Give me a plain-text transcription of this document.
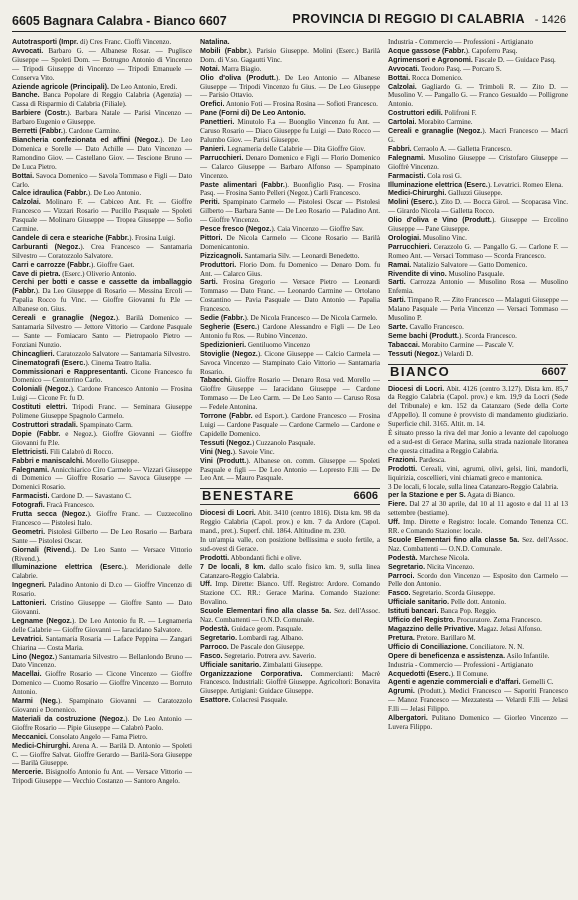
6605 Bagnara Calabra - Bianco 6607	PROVINCIA DI REGGIO DI CALABRIA - 1426

Autotrasporti (Impr. di) Cres Franc. Cioffi Vincenzo.

Avvocati. Barbaro G. — Albanese Rosar. — Puglisce Giuseppe — Spoleti Dom. — Botrugno Antonio di Vincenzo — Tripodi Giuseppe di Vincenzo — Tripodi Emanuele — Conserva Vito.

Aziende agricole (Principali). De Leo Antonio, Eredi.

Banche. Banca Popolare di Reggio Calabria (Agenzia) — Cassa di Risparmio di Calabria (Filiale).

Barbiere (Costr.). Barbara Natale — Parisi Vincenzo — Barbaro Eugenio e Giuseppe.

Berretti (Fabbr.). Cardone Carmine.

Biancheria confezionata ed affini (Negoz.). De Leo Domenica e Sorelle — Dato Achille — Dato Vincenzo — Ramondino Giov. — Castellano Giov. — Tescione Bruno — De Luca Pietro.

Bottai. Savoca Domenico — Savola Tommaso e Figli — Dato Carlo.

Calce idraulica (Fabbr.). De Leo Antonio.

Calzolai. Molinaro F. — Cabiceo Ant. Fr. — Gioffre Francesco — Vizzari Rosario — Pucillo Pasquale — Spoleti Pasquale — Molinaro Giuseppe — Tropea Giuseppe — Sofio Carmine.

Candele di cera e steariche (Fabbr.). Frosina Luigi.

Carburanti (Negoz.). Crea Francesco — Santamaria Silvestro — Coratozzolo Salvatore.

Carri e carrozze (Fabbr.). Gioffre Gaet.

Cave di pietra. (Eserc.) Oliverio Antonio.

Cerchi per botti e casse e cassette da imballaggio (Fabbr.). Da Leo Giuseppe di Rosario — Messina Ercoli — Papalia Rocco fu Vinc. — Gioffre Giovanni fu P.le — Albanese on. Gius.

Cereali e granaglie (Negoz.). Barilà Domenico — Santamaria Silvestro — Jettore Vittorio — Cardone Pasquale — Sante — Fomiacaro Santo — Pietropaolo Pietro — Fonziani Nunzio.

Chincaglieri. Caratozzolo Salvatore — Santamaria Silvestro.

Cinematografi (Eserc.). Cinema Teatro Italia.

Commissionari e Rappresentanti. Cicone Francesco fu Domenico — Centorrino Carlo.

Coloniali (Negoz.). Cardone Francesco Antonio — Frosina Luigi — Cicone Fr. fu D.

Costituti elettri. Tripodi Franc. — Seminara Giuseppe Polimene Giuseppe Spagnolo Carmelo.

Costruttori stradali. Spampinato Carm.

Dopie (Fabbr. e Negoz.). Gioffre Giovanni — Gioffre Giovanni fu P.le.

Elettricisti. Fili Calabrò di Rocco.

Fabbri e maniscalchi. Morello Giuseppe.

Falegnami. Annicchiarico Ciro Carmelo — Vizzari Giuseppe di Domenico — Gioffre Rosario — Savoca Giuseppe — Domenici Rosario.

Farmacisti. Cardone D. — Savastano C.

Fotografi. Fracà Francesco.

Frutta secca (Negoz.). Gioffre Franc. — Cuzzecolino Francesco — Pistolesi Italo.

Geometri. Pistolesi Gilberto — De Leo Rosario — Barbara Sante — Pistolesi Oscar.

Giornali (Rivend.). De Leo Santo — Versace Vittorio (Rivend.).

Illuminazione elettrica (Eserc.). Meridionale delle Calabrie.

Ingegneri. Paladino Antonio di D.co — Gioffre Vincenzo di Rosario.

Lattonieri. Cristino Giuseppe — Gioffre Santo — Dato Giovanni.

Legname (Negoz.). De Leo Antonio fu R. — Legnameria delle Calabrie — Gioffre Giovanni — Iaracidano Salvatore.

Levatrici. Santamaria Rosaria — Laface Peppina — Zangari Chiarina — Costa Maria.

Lino (Negoz.) Santamaria Silvestro — Bellanlondo Bruno — Dato Vincenzo.

Macellai. Gioffre Rosario — Cicone Vincenzo — Gioffre Domenico — Cuomo Rosario — Gioffre Vincenzo — Borruto Antonio.

Marmi (Neg.). Spampinato Giovanni — Caratozzolo Giovanni e Domenico.

Materiali da costruzione (Negoz.). De Leo Antonio — Gioffre Rosario — Pipie Giuseppe — Calabrò Paolo.

Meccanici. Consolato Angelo — Fama Pietro.

Medici-Chirurghi. Arena A. — Barilà D. Antonio — Spoleti C. — Gioffre Salvat. Gioffre Gerardo — Barilà-Sora Giuseppe — Barilà Giuseppe.

Mercerie. Bisignolfo Antonio fu Ant. — Versace Vittorio — Tripodi Giuseppe — Vecchio Costanzo — Santoro Angelo.

Natalina.

Mobili (Fabbr.). Parisio Giuseppe. Molini (Eserc.) Barilà Dom. di V.so. Gagautti Vinc.

Notai. Marra Biagio.

Olio d'oliva (Produtt.). De Leo Antonio — Albanese Giuseppe — Tripodi Vincenzo fu Gius. — De Leo Giuseppe — Parisio Ottavio.

Orefici. Antonio Foti — Frosina Rosina — Sofioti Francesco.

Pane (Forni di) De Leo Antonio.

Panettieri. Minutolo F.a — Buonglio Vincenzo fu Ant. — Caruso Rosario — Diaco Giuseppe fu Luigi — Dato Rocco — Palumbo Giov. — Parisi Giuseppe.

Panieri. Legnameria delle Calabrie — Dita Gioffre Giov.

Parrucchieri. Denaro Domenico e Figli — Florio Domenico — Calarco Giuseppe — Barbaro Alfonso — Spampinato Vincenzo.

Paste alimentari (Fabbr.). Buonfiglio Pasq. — Frosina Pasq. — Frosina Santo Pelleri (Negoz.) Carli Francesco.

Periti. Spampinato Carmelo — Pistolesi Oscar — Pistolesi Gilberto — Barbara Sante — De Leo Rosario — Paladino Ant. — Gioffre Vincenzo.

Pesce fresco (Negoz.). Caia Vincenzo — Gioffre Sav.

Pittori. De Nicola Carmelo — Cicone Rosario — Barilà Domenicantonio.

Pizzicagnoli. Santamaria Silv. — Leonardi Benedetto.

Produttori. Florio Dom. fu Domenico — Denaro Dom. fu Ant. — Calarco Gius.

Sarti. Frosina Gregorio — Versace Pietro — Leonardi Tommaso — Dato Franc. — Leonardo Carmine — Ortolano Costantino — Pavia Pasquale — Dato Antonio — Papalia Francesco.

Sedie (Fabbr.). De Nicola Francesco — De Nicola Carmelo.

Segherie (Eserc.) Cardone Alessandro e Figli — De Leo Antonio fu Ros. — Rubino Vincenzo.

Spedizionieri. Gentiluomo Vincenzo

Stoviglie (Negoz.). Cicone Giuseppe — Calcio Carmela — Savoca Vincenzo — Stampinato Caio Vittorio — Santamaria Rosario.

Tabacchi. Gioffre Rosario — Denaro Rosa ved. Morello — Gioffre Giuseppe — Iaracidano Giuseppe — Cardone Tommaso — De Leo Carm. — De Leo Santo — Caruso Rosa — Fedele Antonina.

Torrone (Fabbr. ed Esport.). Cardone Francesco — Frosina Luigi — Cardone Pasquale — Cardone Carmelo — Cardone e Capidelle Domenico.

Tessuti (Negoz.) Cuzzanolo Pasquale.

Vini (Neg.). Savoie Vinc.

Vini (Produtt.). Albanese on. comm. Giuseppe — Spoleti Pasquale e figli — De Leo Antonio — Lopresto F.lli — De Leo Ant. — Mauro Pasquale.

BENESTARE	6606

Diocesi di Locri. Abit. 3410 (centro 1816). Dista km. 98 da Reggio Calabria (Capol. prov.) e km. 7 da Ardore (Capol. mand., pret.). Superf. chil. 1864. Altitudine m. 230.

In un'ampia valle, con posizione bellissima e suolo fertile, a sud-ovest di Gerace.

Prodotti. Abbondanti fichi e olive.

7 De locali, 8 km. dallo scalo fisico km. 9, sulla linea Catanzaro-Reggio Calabria.

Uff. Imp. Dirette: Bianco. Uff. Registro: Ardore. Comando Stazione CC. RR.: Gerace Marina. Comando Stazione: Bovalino.

Scuole Elementari fino alla classe 5a. Sez. dell'Assoc. Naz. Combattenti — O.N.D. Comunale.

Podestà. Guidace geom. Pasquale.

Segretario. Lombardi rag. Albano.

Parroco. De Pascale don Giuseppe.

Fasco. Segretario. Potrera avv. Saverio.

Ufficiale sanitario. Zimbalatti Giuseppe.

Organizzazione Corporativa. Commercianti: Macrè Francesco. Industriali: Gioffrè Giuseppe. Agricoltori: Bonavita Giuseppe. Artigiani: Guidace Giuseppe.

Esattore. Colacresi Pasquale.

Industria - Commercio — Professioni - Artigianato

Acque gassose (Fabbr.). Capoferro Pasq.

Agrimensori e Agronomi. Fascale D. — Guidace Pasq.

Avvocati. Teodoro Pasq. — Porcaro S.

Bottai. Rocca Domenico.

Calzolai. Gagliardo G. — Trimboli R. — Zito D. — Musolino V. — Pangallo G. — Franco Gesualdo — Polligrone Antonio.

Costruttori edili. Polifroni F.

Cartolai. Morabito Carmine.

Cereali e granaglie (Negoz.). Macrì Francesco — Macrì G.

Fabbri. Cerraolo A. — Galletta Francesco.

Falegnami. Musolino Giuseppe — Cristofaro Giuseppe — Gioffrè Vincenzo.

Farmacisti. Cola rosi G.

Illuminazione elettrica (Eserc.). Levatrici. Romeo Elena.

Medici-Chirurghi. Galluzzi Giuseppe.

Molini (Eserc.). Zito D. — Bocca Girol. — Scopacasa Vinc. — Girardo Nicola — Galletta Rocco.

Olio d'oliva e Vino (Produtt.). Giuseppe — Ercolino Giuseppe — Pane Giuseppe.

Orologiai. Musolino Vinc.

Parrucchieri. Cerazzolo G. — Pangallo G. — Carlone F. — Romeo Ant. — Versaci Tommaso — Scorda Francesco.

Ramai. Natalizio Salvatore — Gatto Domenico.

Rivendite di vino. Musolino Pasquale.

Sarti. Carrozza Antonio — Musolino Rosa — Musolino Enfemia.

Sarti. Timpano R. — Zito Francesco — Malaguti Giuseppe — Malano Pasquale — Peria Vincenzo — Versaci Tommaso — Musolino P.

Sarte. Cavallo Francesco.

Seme bachi (Produtt.). Scorda Francesco.

Tabaccai. Morabito Carmine — Pascale V.

Tessuti (Negoz.) Velardi D.

BIANCO	6607

Diocesi di Locri. Abit. 4126 (centro 3.127). Dista km. 85,7 da Reggio Calabria (Capol. prov.) e km. 19,9 da Locri (Sede del Tribunale) e km. 152 da Catanzaro (Sede della Corte d'Appello). Il comune è provvisto di mandamento giudiziario. Superficie chil. 3165. Altit. m. 14.

È situato presso la riva del mar Jonio a levante del capoluogo ed a sud-est di Gerace Marina, sulla strada nazionale litoranea che questa cittadina a Reggio Calabria.

Frazioni. Pardesca.

Prodotti. Cereali, vini, agrumi, olivi, gelsi, lini, mandorli, liquirizia, coscellieri, vini chiamati greco e mantonica.

3 De locali, 6 locale, sulla linea Catanzaro-Reggio Calabria.

per la Stazione e per S. Agata di Bianco.

Fiere. Dal 27 al 30 aprile, dal 10 al 11 agosto e dal 11 al 13 settembre (bestiame).

Uff. Imp. Dirette e Registro: locale. Comando Tenenza CC. RR. e Comando Stazione: locale.

Scuole Elementari fino alla classe 5a. Sez. dell'Assoc. Naz. Combattenti — O.N.D. Comunale.

Podestà. Marchese Nicola.

Segretario. Nicita Vincenzo.

Parroci. Scordo don Vincenzo — Esposito don Carmelo — Pelle don Antonio.

Fasco. Segretario. Scorda Giuseppe.

Ufficiale sanitario. Pelle dott. Antonio.

Istituti bancari. Banca Pop. Reggio.

Ufficio del Registro. Procuratore. Zema Francesco.

Magazzino delle Privative. Magaz. Jelasi Alfonso.

Pretura. Pretore. Barillaro M.

Ufficio di Conciliazione. Conciliatore. N. N.

Opere di beneficenza e assistenza. Asilo Infantile.

Industria - Commercio — Professioni - Artigianato

Acquedotti (Eserc.). Il Comune.

Agenti e agenzie commerciali e d'affari. Gemelli C.

Agrumi. (Produtt.). Medici Francesco — Saporiti Francesco — Manoz Francesco — Mezzatesta — Velardi F.lli — Jelasi F.lli — Jelasi Filippo.

Albergatori. Pulitano Domenico — Giorleo Vincenzo — Luvera Filippo.
